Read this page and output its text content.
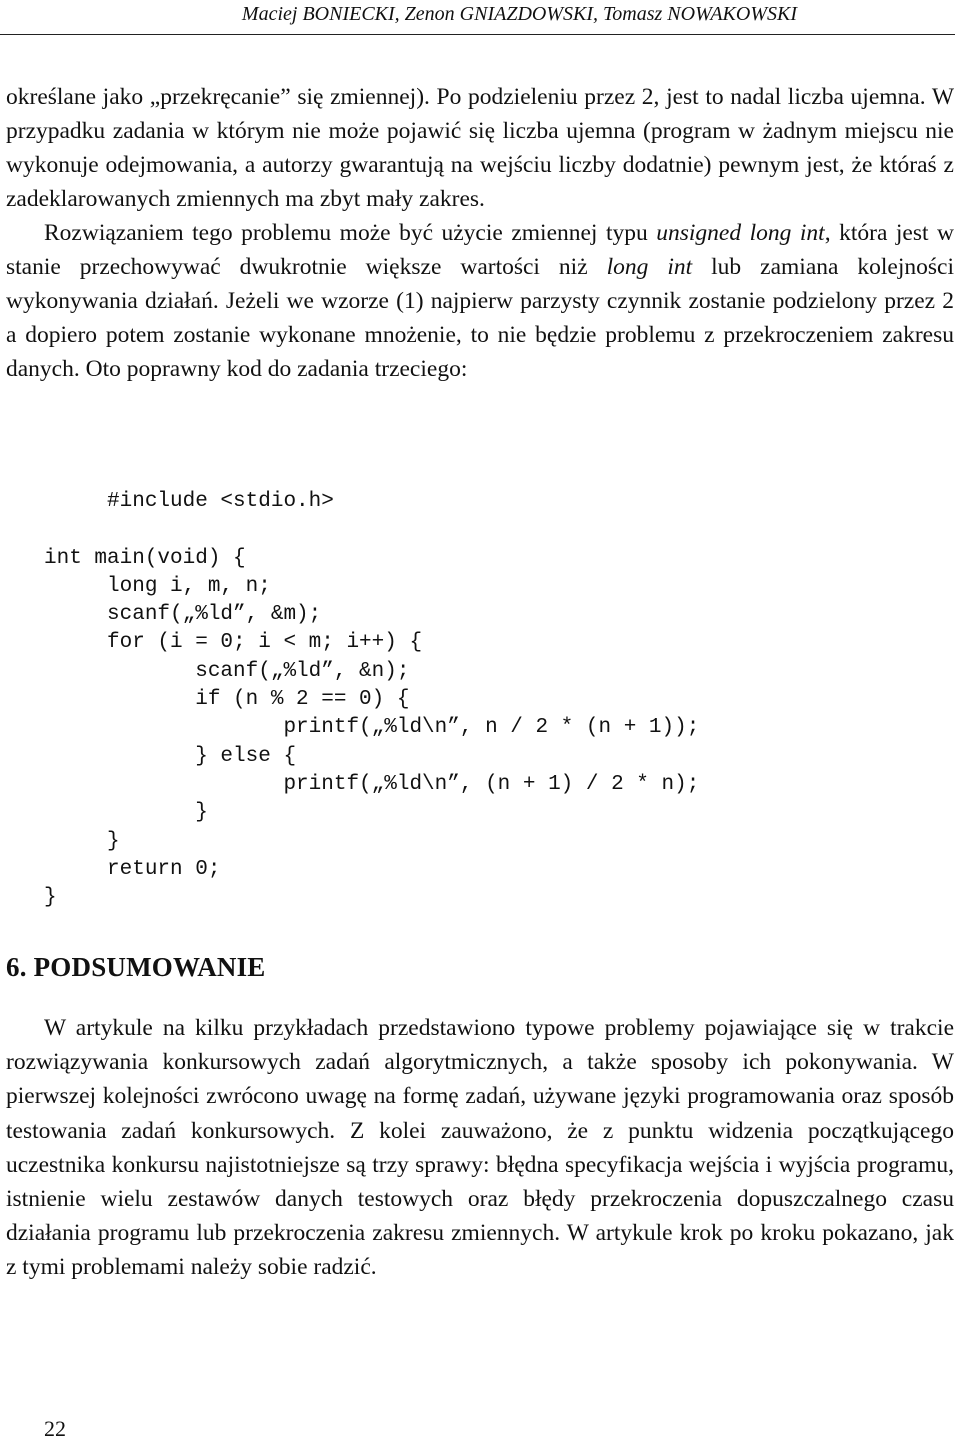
Maciej BONIECKI, Zenon GNIAZDOWSKI, Tomasz NOWAKOWSKI

określane jako „przekręcanie” się zmiennej). Po podzieleniu przez 2, jest to nadal liczba ujemna. W przypadku zadania w którym nie może pojawić się liczba ujemna (program w żadnym miejscu nie wykonuje odejmowania, a autorzy gwarantują na wejściu liczby dodatnie) pewnym jest, że któraś z zadeklarowanych zmiennych ma zbyt mały zakres.

Rozwiązaniem tego problemu może być użycie zmiennej typu unsigned long int, która jest w stanie przechowywać dwukrotnie większe wartości niż long int lub zamiana kolejności wykonywania działań. Jeżeli we wzorze (1) najpierw parzysty czynnik zostanie podzielony przez 2 a dopiero potem zostanie wykonane mnożenie, to nie będzie problemu z przekroczeniem zakresu danych. Oto poprawny kod do zadania trzeciego:

#include <stdio.h>
int main(void) {
long i, m, n;
scanf(„%ld”, &m);
for (i = 0; i < m; i++) {
scanf(„%ld”, &n);
if (n % 2 == 0) {
printf(„%ld\n”, n / 2 * (n + 1));
} else {
printf(„%ld\n”, (n + 1) / 2 * n);
}
}
return 0;
}
6. PODSUMOWANIE

W artykule na kilku przykładach przedstawiono typowe problemy pojawiające się w trakcie rozwiązywania konkursowych zadań algorytmicznych, a także sposoby ich pokonywania. W pierwszej kolejności zwrócono uwagę na formę zadań, używane języki programowania oraz sposób testowania zadań konkursowych. Z kolei zauważono, że z punktu widzenia początkującego uczestnika konkursu najistotniejsze są trzy sprawy: błędna specyfikacja wejścia i wyjścia programu, istnienie wielu zestawów danych testowych oraz błędy przekroczenia dopuszczalnego czasu działania programu lub przekroczenia zakresu zmiennych. W artykule krok po kroku pokazano, jak z tymi problemami należy sobie radzić.

22
